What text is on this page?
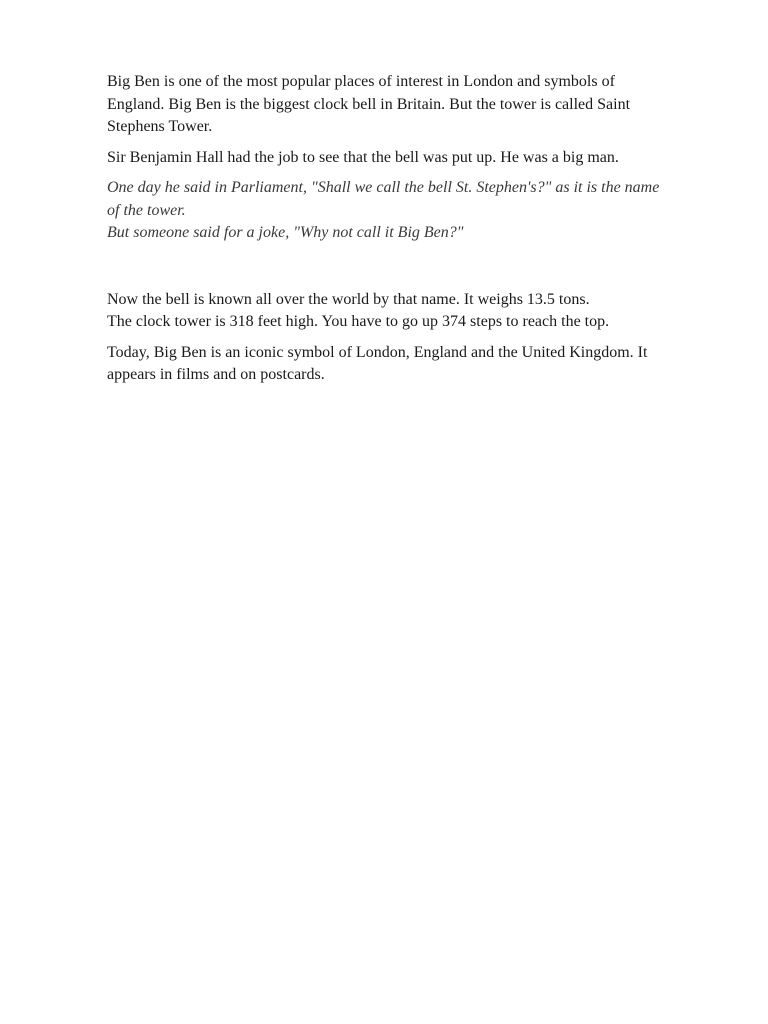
Big Ben is one of the most popular places of interest in London and symbols of
England. Big Ben is the biggest clock bell in Britain. But the tower is called Saint
Stephens Tower.

Sir Benjamin Hall had the job to see that the bell was put up. He was a big man.

One day he said in Parliament, "Shall we call the bell St. Stephen's?" as it is the name
of the tower.
But someone said for a joke, "Why not call it Big Ben?"

Now the bell is known all over the world by that name. It weighs 13.5 tons.
The clock tower is 318 feet high. You have to go up 374 steps to reach the top.

Today, Big Ben is an iconic symbol of London, England and the United Kingdom. It
appears in films and on postcards.
